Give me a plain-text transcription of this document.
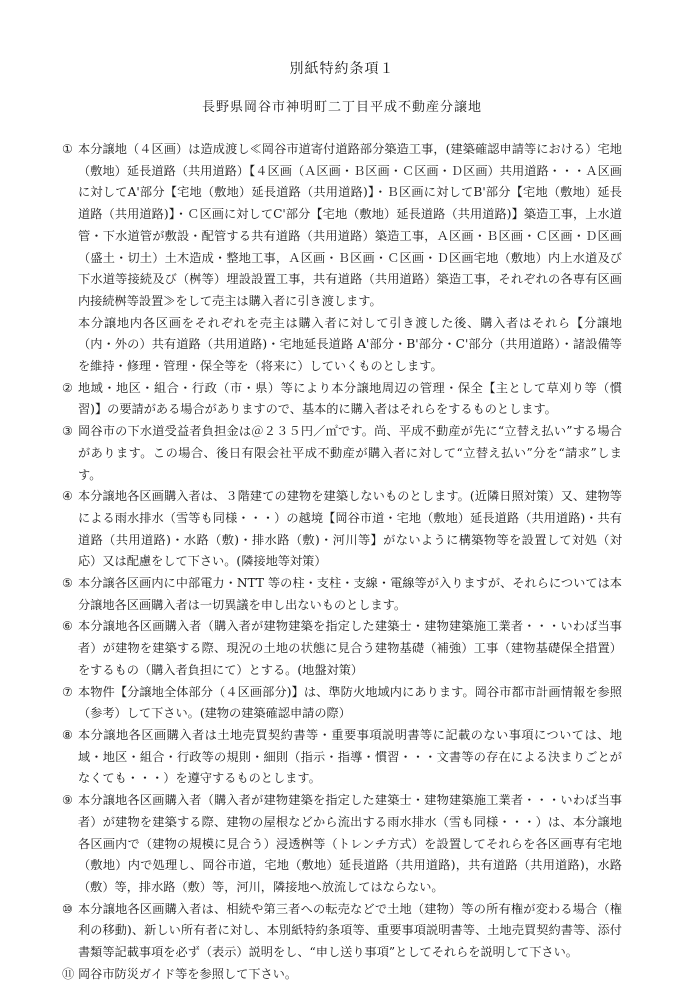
別紙特約条項１
長野県岡谷市神明町二丁目平成不動産分譲地
① 本分譲地（４区画）は造成渡し≪岡谷市道寄付道路部分築造工事，(建築確認申請等における）宅地（敷地）延長道路（共用道路）【４区画（Ａ区画・Ｂ区画・Ｃ区画・Ｄ区画）共用道路・・・Ａ区画に対してA'部分【宅地（敷地）延長道路（共用道路)】・Ｂ区画に対してB'部分【宅地（敷地）延長道路（共用道路)】・Ｃ区画に対してC'部分【宅地（敷地）延長道路（共用道路)】築造工事，上水道管・下水道管が敷設・配管する共有道路（共用道路）築造工事，Ａ区画・Ｂ区画・Ｃ区画・Ｄ区画（盛土・切土）土木造成・整地工事，Ａ区画・Ｂ区画・Ｃ区画・Ｄ区画宅地（敷地）内上水道及び下水道等接続及び（桝等）埋設設置工事，共有道路（共用道路）築造工事，それぞれの各専有区画内接続桝等設置≫をして売主は購入者に引き渡します。

本分譲地内各区画をそれぞれを売主は購入者に対して引き渡した後、購入者はそれら【分譲地（内・外の）共有道路（共用道路)・宅地延長道路 A'部分・B'部分・C'部分（共用道路）・諸設備等を維持・修理・管理・保全等を（将来に）していくものとします。

② 地域・地区・組合・行政（市・県）等により本分譲地周辺の管理・保全【主として草刈り等（慣習)】の要請がある場合がありますので、基本的に購入者はそれらをするものとします。

③ 岡谷市の下水道受益者負担金は＠２３５円／㎡です。尚、平成不動産が先に“立替え払い”する場合があります。この場合、後日有限会社平成不動産が購入者に対して“立替え払い”分を“請求”します。

④ 本分譲地各区画購入者は、３階建ての建物を建築しないものとします。(近隣日照対策）又、建物等による雨水排水（雪等も同様・・・）の越境【岡谷市道・宅地（敷地）延長道路（共用道路)・共有道路（共用道路)・水路（敷)・排水路（敷)・河川等】がないように構築物等を設置して対処（対応）又は配慮をして下さい。(隣接地等対策）

⑤ 本分譲各区画内に中部電力・NTT 等の柱・支柱・支線・電線等が入りますが、それらについては本分譲地各区画購入者は一切異議を申し出ないものとします。

⑥ 本分譲地各区画購入者（購入者が建物建築を指定した建築士・建物建築施工業者・・・いわば当事者）が建物を建築する際、現況の土地の状態に見合う建物基礎（補強）工事（建物基礎保全措置）をするもの（購入者負担にて）とする。(地盤対策）

⑦ 本物件【分譲地全体部分（４区画部分)】は、準防火地域内にあります。岡谷市都市計画情報を参照（参考）して下さい。(建物の建築確認申請の際）

⑧ 本分譲地各区画購入者は土地売買契約書等・重要事項説明書等に記載のない事項については、地域・地区・組合・行政等の規則・細則（指示・指導・慣習・・・文書等の存在による決まりごとがなくても・・・）を遵守するものとします。

⑨ 本分譲地各区画購入者（購入者が建物建築を指定した建築士・建物建築施工業者・・・いわば当事者）が建物を建築する際、建物の屋根などから流出する雨水排水（雪も同様・・・）は、本分譲地各区画内で（建物の規模に見合う）浸透桝等（トレンチ方式）を設置してそれらを各区画専有宅地（敷地）内で処理し、岡谷市道，宅地（敷地）延長道路（共用道路)，共有道路（共用道路)，水路（敷）等，排水路（敷）等，河川，隣接地へ放流してはならない。

⑩ 本分譲地各区画購入者は、相続や第三者への転売などで土地（建物）等の所有権が変わる場合（権利の移動)、新しい所有者に対し、本別紙特約条項等、重要事項説明書等、土地売買契約書等、添付書類等記載事項を必ず（表示）説明をし、“申し送り事項”としてそれらを説明して下さい。

⑪ 岡谷市防災ガイド等を参照して下さい。
